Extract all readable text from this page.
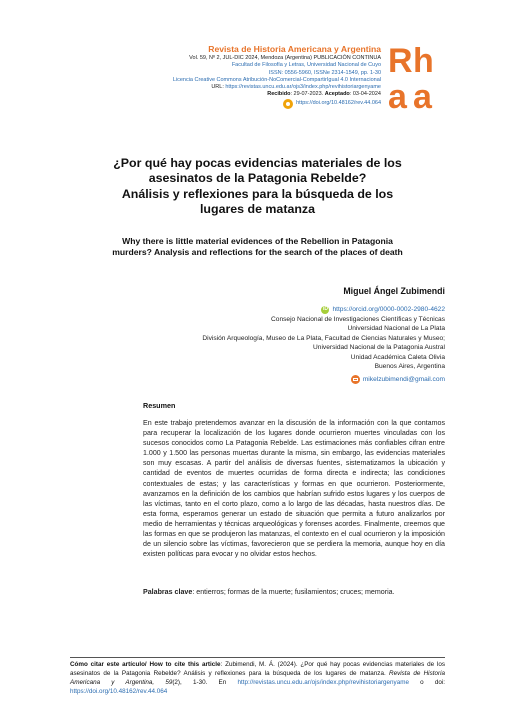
Revista de Historia Americana y Argentina
Vol. 59, Nº 2, JUL-DIC 2024, Mendoza (Argentina) PUBLICACIÓN CONTINUA
Facultad de Filosofía y Letras, Universidad Nacional de Cuyo
ISSN: 0556-5960, ISSNe 2314-1549, pp. 1-30
Licencia Creative Commons Atribución-NoComercial-CompartirIgual 4.0 Internacional
URL: https://revistas.uncu.edu.ar/ojs3/index.php/revihistoriargenyame
Recibido: 29-07-2023. Aceptado: 03-04-2024
https://doi.org/10.48162/rev.44.064
R h
a a
¿Por qué hay pocas evidencias materiales de los
asesinatos de la Patagonia Rebelde?
Análisis y reflexiones para la búsqueda de los
lugares de matanza
Why there is little material evidences of the Rebellion in Patagonia
murders? Analysis and reflections for the search of the places of death
Miguel Ángel Zubimendi
iD https://orcid.org/0000-0002-2980-4622
Consejo Nacional de Investigaciones Científicas y Técnicas
Universidad Nacional de La Plata
División Arqueología, Museo de La Plata, Facultad de Ciencias Naturales y Museo;
Universidad Nacional de la Patagonia Austral
Unidad Académica Caleta Olivia
Buenos Aires, Argentina
mikelzubimendi@gmail.com
Resumen
En este trabajo pretendemos avanzar en la discusión de la información con la que contamos para recuperar la localización de los lugares donde ocurrieron muertes vinculadas con los sucesos conocidos como La Patagonia Rebelde. Las estimaciones más confiables cifran entre 1.000 y 1.500 las personas muertas durante la misma, sin embargo, las evidencias materiales son muy escasas. A partir del análisis de diversas fuentes, sistematizamos la ubicación y cantidad de eventos de muertes ocurridas de forma directa e indirecta; las condiciones contextuales de estas; y las características y formas en que ocurrieron. Posteriormente, avanzamos en la definición de los cambios que habrían sufrido estos lugares y los cuerpos de las víctimas, tanto en el corto plazo, como a lo largo de las décadas, hasta nuestros días. De esta forma, esperamos generar un estado de situación que permita a futuro analizarlos por medio de herramientas y técnicas arqueológicas y forenses acordes. Finalmente, creemos que las formas en que se produjeron las matanzas, el contexto en el cual ocurrieron y la imposición de un silencio sobre las víctimas, favorecieron que se perdiera la memoria, aunque hoy en día existen políticas para evocar y no olvidar estos hechos.
Palabras clave: entierros; formas de la muerte; fusilamientos; cruces; memoria.
Cómo citar este artículo/ How to cite this article: Zubimendi, M. Á. (2024). ¿Por qué hay pocas evidencias materiales de los asesinatos de la Patagonia Rebelde? Análisis y reflexiones para la búsqueda de los lugares de matanza. Revista de Historia Americana y Argentina, 59(2), 1-30. En http://revistas.uncu.edu.ar/ojs/index.php/revihistoriargenyame o doi: https://doi.org/10.48162/rev.44.064
